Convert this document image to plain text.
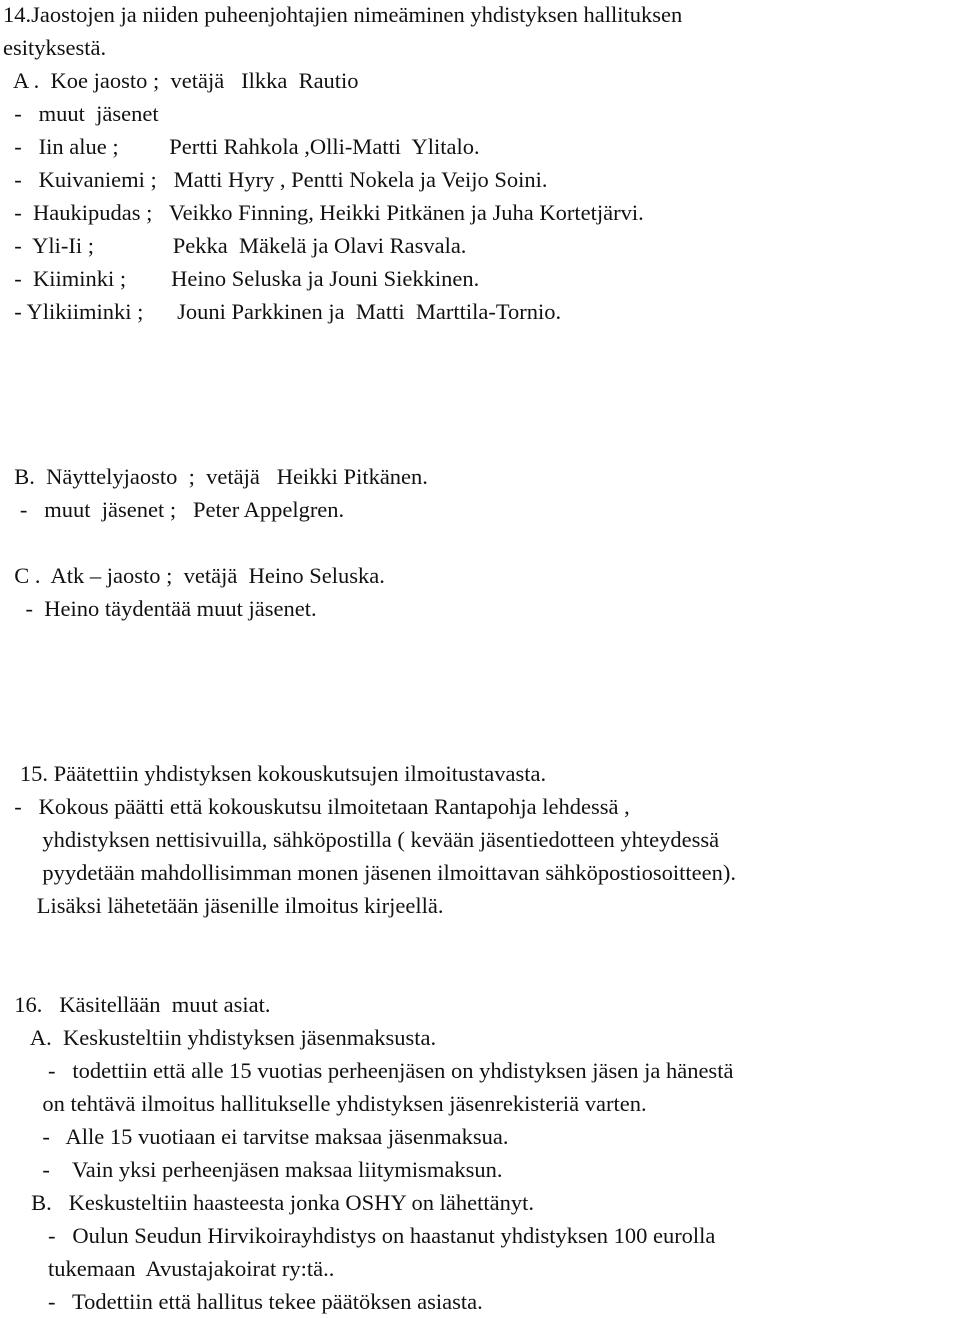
14.Jaostojen ja niiden puheenjohtajien nimeäminen yhdistyksen hallituksen
esityksestä.
A .  Koe jaosto ;  vetäjä   Ilkka  Rautio
-   muut  jäsenet
-   Iin alue ;         Pertti Rahkola ,Olli-Matti  Ylitalo.
-   Kuivaniemi ;   Matti Hyry , Pentti Nokela ja Veijo Soini.
-  Haukipudas ;   Veikko Finning, Heikki Pitkänen ja Juha Kortetjärvi.
-  Yli-Ii ;              Pekka  Mäkelä ja Olavi Rasvala.
-  Kiiminki ;        Heino Seluska ja Jouni Siekkinen.
- Ylikiiminki ;      Jouni Parkkinen ja  Matti  Marttila-Tornio.
B.  Näyttelyjaosto  ;  vetäjä   Heikki Pitkänen.
-   muut  jäsenet ;   Peter Appelgren.
C .  Atk – jaosto ;  vetäjä  Heino Seluska.
-  Heino täydentää muut jäsenet.
15. Päätettiin yhdistyksen kokouskutsujen ilmoitustavasta.
-   Kokous päätti että kokouskutsu ilmoitetaan Rantapohja lehdessä ,
yhdistyksen nettisivuilla, sähköpostilla ( kevään jäsentiedotteen yhteydessä
pyydetään mahdollisimman monen jäsenen ilmoittavan sähköpostiosoitteen).
Lisäksi lähetetään jäsenille ilmoitus kirjeellä.
16.   Käsitellään  muut asiat.
A.  Keskusteltiin yhdistyksen jäsenmaksusta.
-   todettiin että alle 15 vuotias perheenjäsen on yhdistyksen jäsen ja hänestä
on tehtävä ilmoitus hallitukselle yhdistyksen jäsenrekisteriä varten.
-   Alle 15 vuotiaan ei tarvitse maksaa jäsenmaksua.
-    Vain yksi perheenjäsen maksaa liitymismaksun.
B.   Keskusteltiin haasteesta jonka OSHY on lähettänyt.
-   Oulun Seudun Hirvikoirayhdistys on haastanut yhdistyksen 100 eurolla
tukemaan  Avustajakoirat ry:tä..
-   Todettiin että hallitus tekee päätöksen asiasta.
